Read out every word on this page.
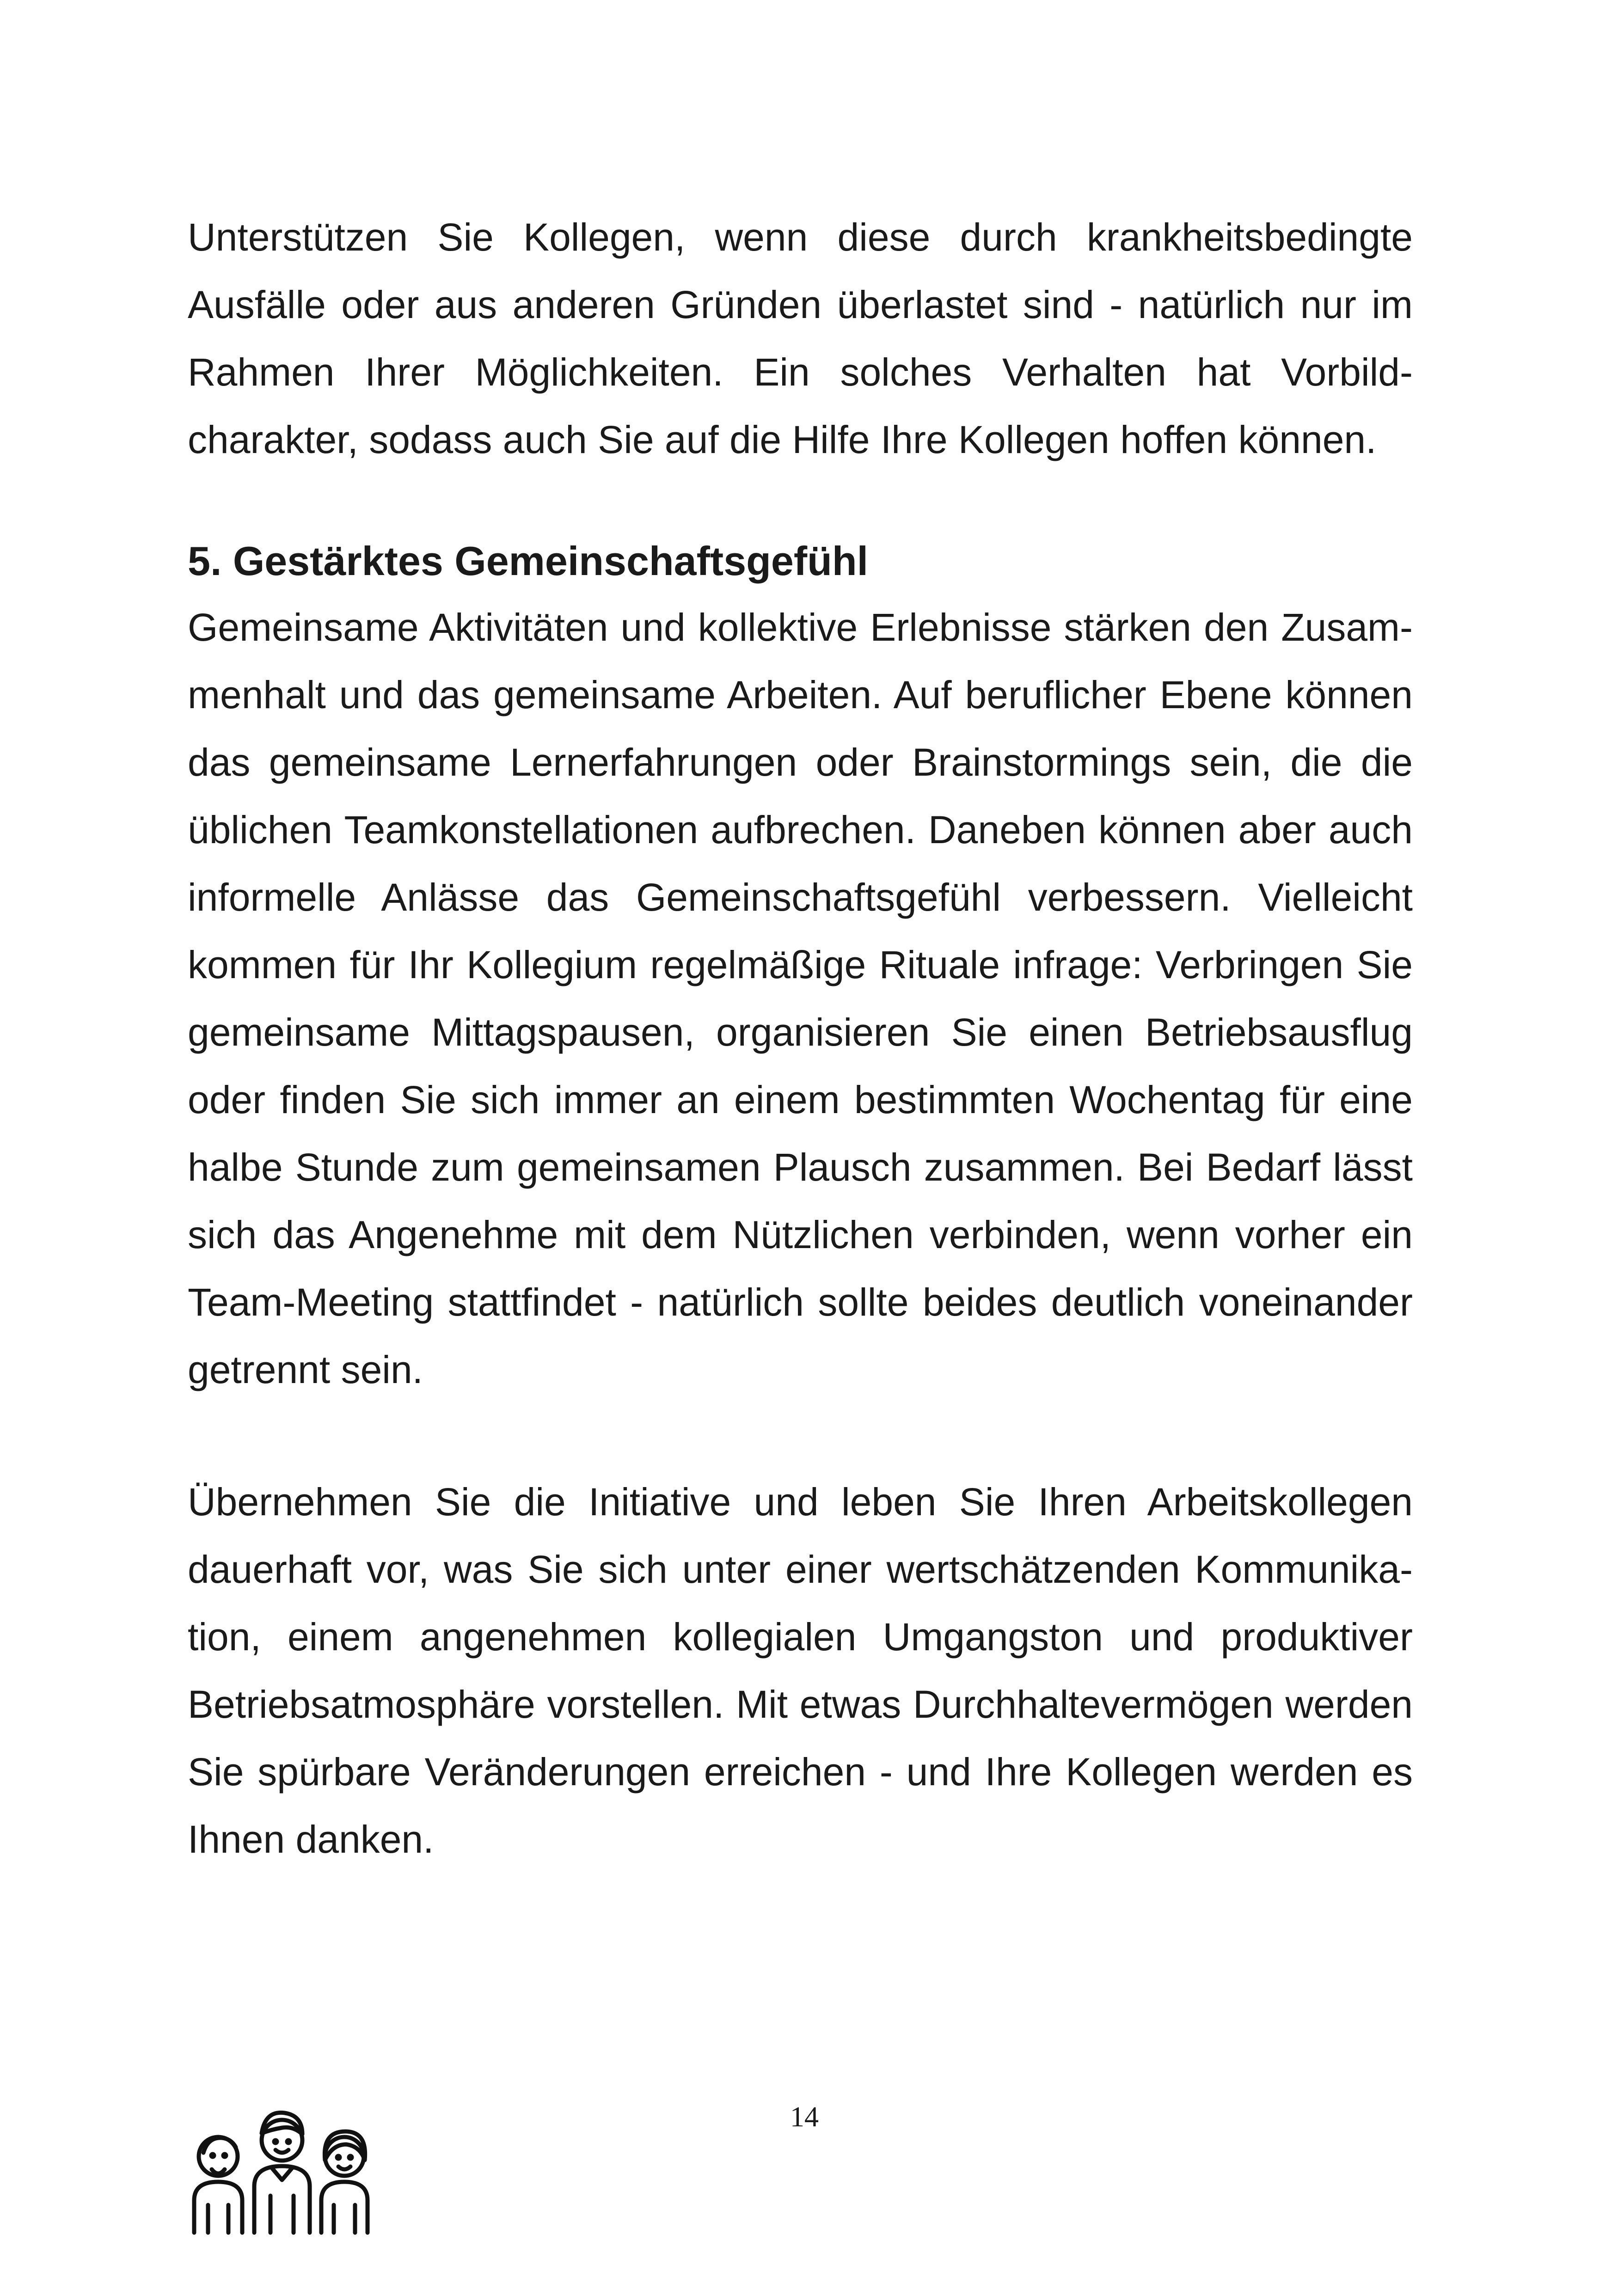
Unterstützen Sie Kollegen, wenn diese durch krankheitsbedingte Ausfälle oder aus anderen Gründen überlastet sind - natürlich nur im Rahmen Ihrer Möglichkeiten. Ein solches Verhalten hat Vorbildcharakter, sodass auch Sie auf die Hilfe Ihre Kollegen hoffen können.

5. Gestärktes Gemeinschaftsgefühl

Gemeinsame Aktivitäten und kollektive Erlebnisse stärken den Zusammenhalt und das gemeinsame Arbeiten. Auf beruflicher Ebene können das gemeinsame Lernerfahrungen oder Brainstormings sein, die die üblichen Teamkonstellationen aufbrechen. Daneben können aber auch informelle Anlässe das Gemeinschaftsgefühl verbessern. Vielleicht kommen für Ihr Kollegium regelmäßige Rituale infrage: Verbringen Sie gemeinsame Mittagspausen, organisieren Sie einen Betriebsausflug oder finden Sie sich immer an einem bestimmten Wochentag für eine halbe Stunde zum gemeinsamen Plausch zusammen. Bei Bedarf lässt sich das Angenehme mit dem Nützlichen verbinden, wenn vorher ein Team-Meeting stattfindet - natürlich sollte beides deutlich voneinander getrennt sein.

Übernehmen Sie die Initiative und leben Sie Ihren Arbeitskollegen dauerhaft vor, was Sie sich unter einer wertschätzenden Kommunikation, einem angenehmen kollegialen Umgangston und produktiver Betriebsatmosphäre vorstellen. Mit etwas Durchhaltevermögen werden Sie spürbare Veränderungen erreichen - und Ihre Kollegen werden es Ihnen danken.

14
